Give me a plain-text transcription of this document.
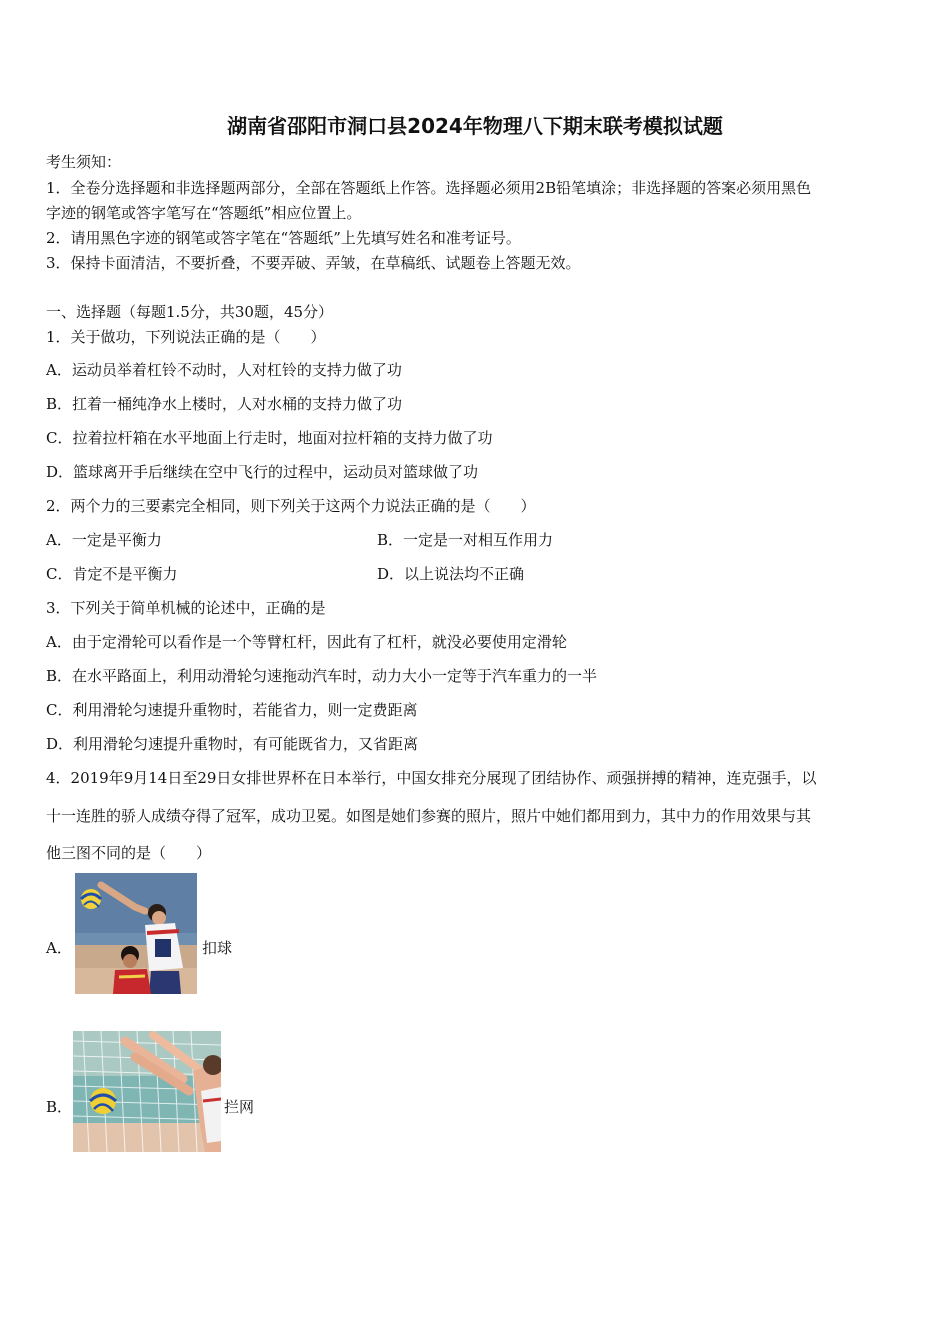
湖南省邵阳市洞口县2024年物理八下期末联考模拟试题
考生须知：
1．全卷分选择题和非选择题两部分，全部在答题纸上作答。选择题必须用2B铅笔填涂；非选择题的答案必须用黑色
字迹的钢笔或答字笔写在“答题纸”相应位置上。
2．请用黑色字迹的钢笔或答字笔在“答题纸”上先填写姓名和准考证号。
3．保持卡面清洁，不要折叠，不要弄破、弄皱，在草稿纸、试题卷上答题无效。
一、选择题（每题1.5分，共30题，45分）
1．关于做功，下列说法正确的是（　　）
A．运动员举着杠铃不动时，人对杠铃的支持力做了功
B．扛着一桶纯净水上楼时，人对水桶的支持力做了功
C．拉着拉杆箱在水平地面上行走时，地面对拉杆箱的支持力做了功
D．篮球离开手后继续在空中飞行的过程中，运动员对篮球做了功
2．两个力的三要素完全相同，则下列关于这两个力说法正确的是（　　）
A．一定是平衡力	B．一定是一对相互作用力
C．肯定不是平衡力	D．以上说法均不正确
3．下列关于简单机械的论述中，正确的是
A．由于定滑轮可以看作是一个等臂杠杆，因此有了杠杆，就没必要使用定滑轮
B．在水平路面上，利用动滑轮匀速拖动汽车时，动力大小一定等于汽车重力的一半
C．利用滑轮匀速提升重物时，若能省力，则一定费距离
D．利用滑轮匀速提升重物时，有可能既省力，又省距离
4．2019年9月14日至29日女排世界杯在日本举行，中国女排充分展现了团结协作、顽强拼搏的精神，连克强手，以
十一连胜的骄人成绩夺得了冠军，成功卫冕。如图是她们参赛的照片，照片中她们都用到力，其中力的作用效果与其
他三图不同的是（　　）
A．	扣球
B．	拦网
